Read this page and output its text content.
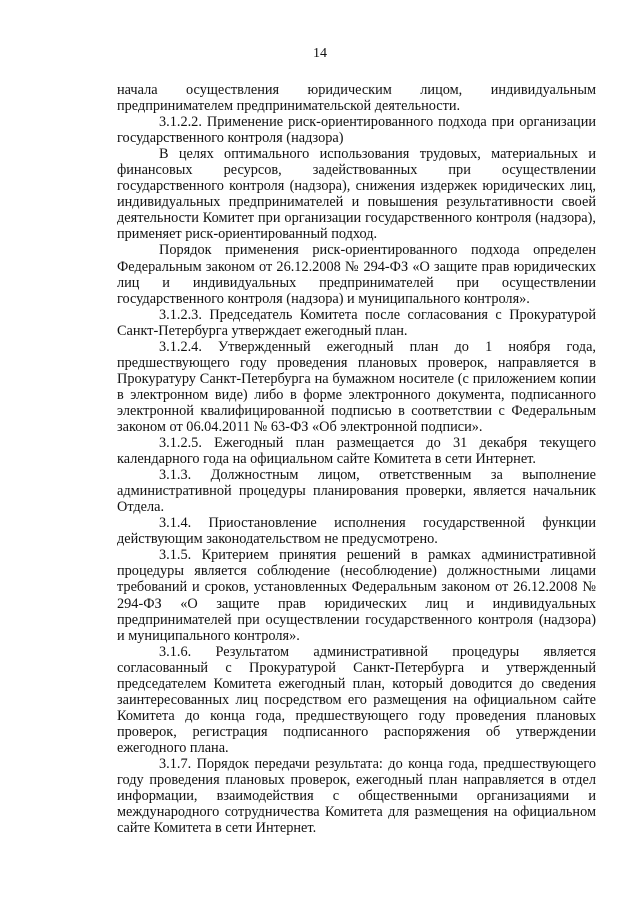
14

начала осуществления юридическим лицом, индивидуальным предпринимателем предпринимательской деятельности.

3.1.2.2. Применение риск-ориентированного подхода при организации государственного контроля (надзора)

В целях оптимального использования трудовых, материальных и финансовых ресурсов, задействованных при осуществлении государственного контроля (надзора), снижения издержек юридических лиц, индивидуальных предпринимателей и повышения результативности своей деятельности Комитет при организации государственного контроля (надзора), применяет риск-ориентированный подход.

Порядок применения риск-ориентированного подхода определен Федеральным законом от 26.12.2008 № 294-ФЗ «О защите прав юридических лиц и индивидуальных предпринимателей при осуществлении государственного контроля (надзора) и муниципального контроля».

3.1.2.3. Председатель Комитета после согласования с Прокуратурой Санкт-Петербурга утверждает ежегодный план.

3.1.2.4. Утвержденный ежегодный план до 1 ноября года, предшествующего году проведения плановых проверок, направляется в Прокуратуру Санкт-Петербурга на бумажном носителе (с приложением копии в электронном виде) либо в форме электронного документа, подписанного электронной квалифицированной подписью в соответствии с Федеральным законом от 06.04.2011 № 63-ФЗ «Об электронной подписи».

3.1.2.5. Ежегодный план размещается до 31 декабря текущего календарного года на официальном сайте Комитета в сети Интернет.

3.1.3. Должностным лицом, ответственным за выполнение административной процедуры планирования проверки, является начальник Отдела.

3.1.4. Приостановление исполнения государственной функции действующим законодательством не предусмотрено.

3.1.5. Критерием принятия решений в рамках административной процедуры является соблюдение (несоблюдение) должностными лицами требований и сроков, установленных Федеральным законом от 26.12.2008 № 294-ФЗ «О защите прав юридических лиц и индивидуальных предпринимателей при осуществлении государственного контроля (надзора) и муниципального контроля».

3.1.6. Результатом административной процедуры является согласованный с Прокуратурой Санкт-Петербурга и утвержденный председателем Комитета ежегодный план, который доводится до сведения заинтересованных лиц посредством его размещения на официальном сайте Комитета до конца года, предшествующего году проведения плановых проверок, регистрация подписанного распоряжения об утверждении ежегодного плана.

3.1.7. Порядок передачи результата: до конца года, предшествующего году проведения плановых проверок, ежегодный план направляется в отдел информации, взаимодействия с общественными организациями и международного сотрудничества Комитета для размещения на официальном сайте Комитета в сети Интернет.
